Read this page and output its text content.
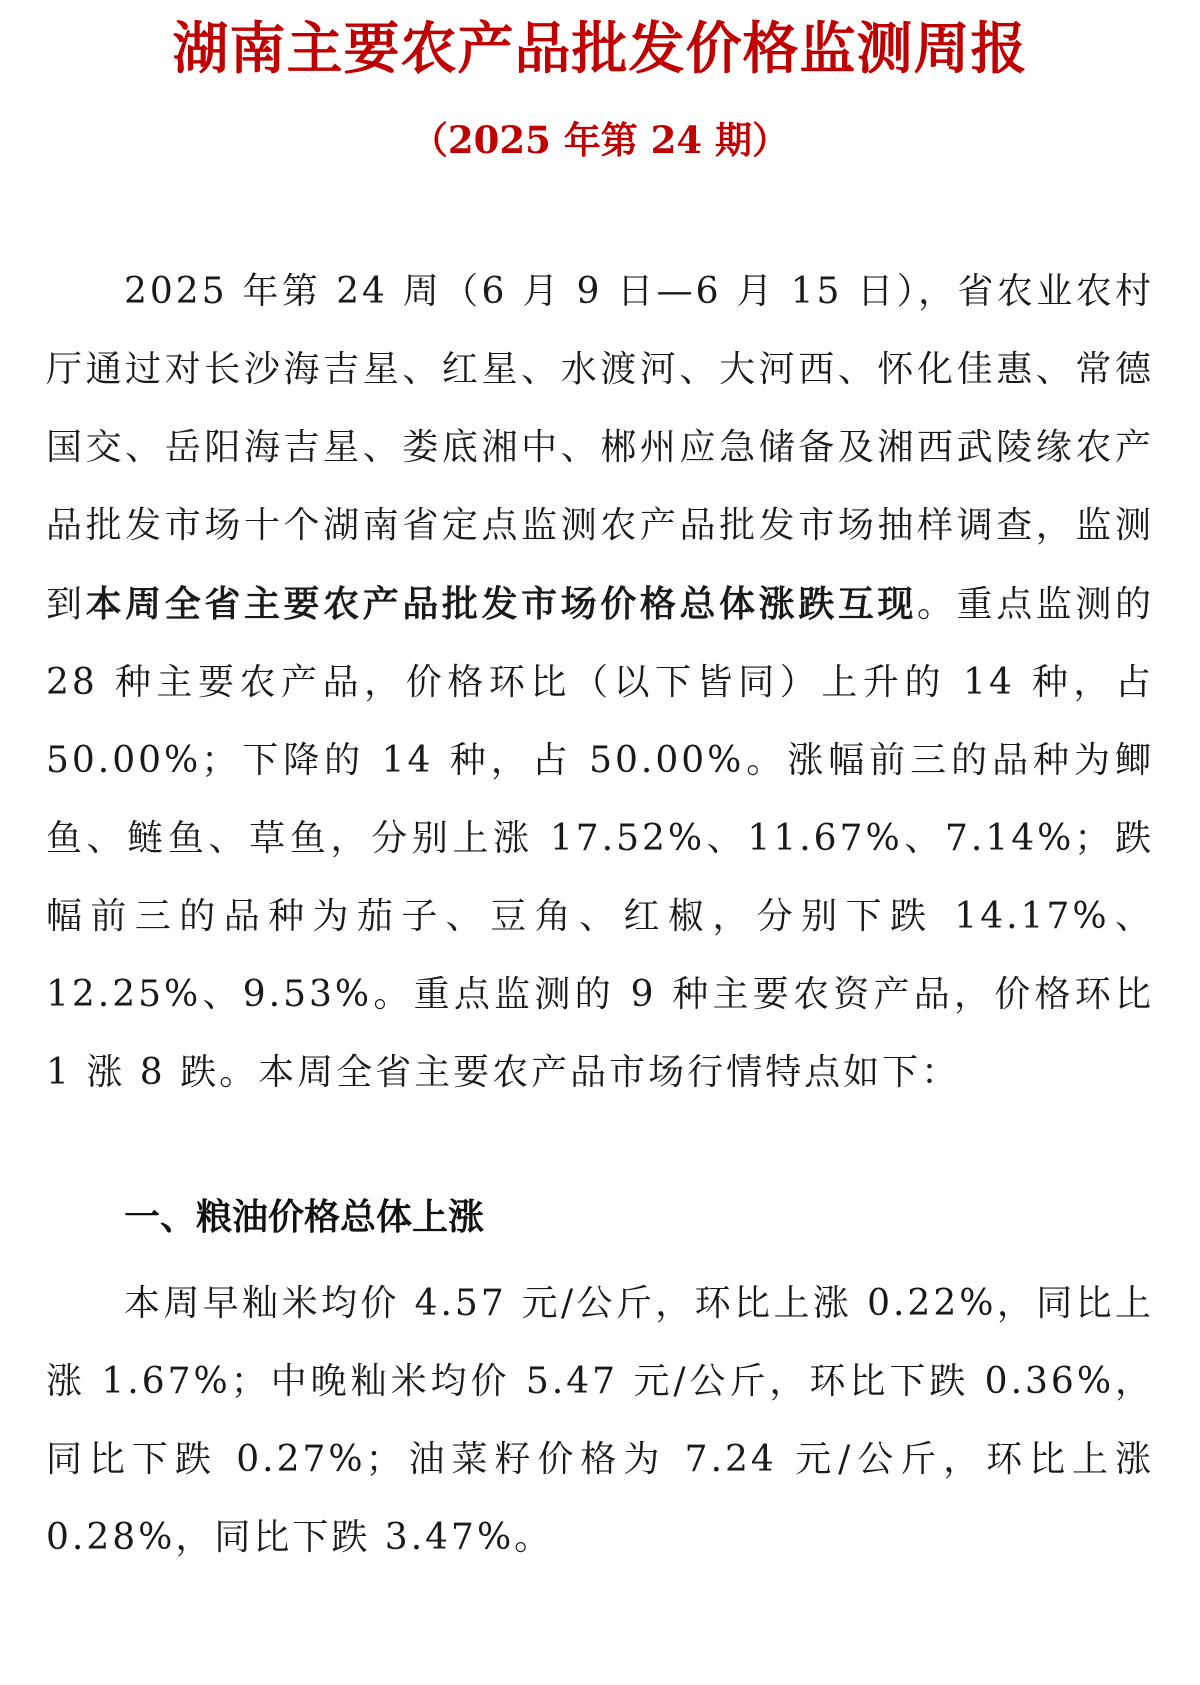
湖南主要农产品批发价格监测周报
（2025 年第 24 期）

2025 年第 24 周（6 月 9 日—6 月 15 日），省农业农村厅通过对长沙海吉星、红星、水渡河、大河西、怀化佳惠、常德国交、岳阳海吉星、娄底湘中、郴州应急储备及湘西武陵缘农产品批发市场十个湖南省定点监测农产品批发市场抽样调查，监测到本周全省主要农产品批发市场价格总体涨跌互现。重点监测的 28 种主要农产品，价格环比（以下皆同）上升的 14 种，占 50.00%；下降的 14 种，占 50.00%。涨幅前三的品种为鲫鱼、鲢鱼、草鱼，分别上涨 17.52%、11.67%、7.14%；跌幅前三的品种为茄子、豆角、红椒，分别下跌 14.17%、12.25%、9.53%。重点监测的 9 种主要农资产品，价格环比 1 涨 8 跌。本周全省主要农产品市场行情特点如下：

一、粮油价格总体上涨

本周早籼米均价 4.57 元/公斤，环比上涨 0.22%，同比上涨 1.67%；中晚籼米均价 5.47 元/公斤，环比下跌 0.36%，同比下跌 0.27%；油菜籽价格为 7.24 元/公斤，环比上涨 0.28%，同比下跌 3.47%。
